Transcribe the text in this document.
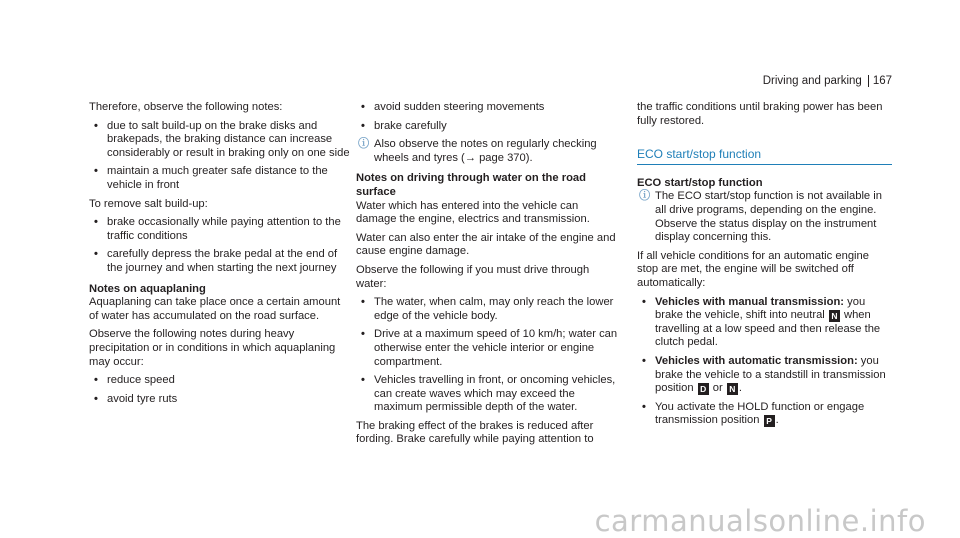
Driving and parking 167

Therefore, observe the following notes:

• due to salt build-up on the brake disks and brakepads, the braking distance can increase considerably or result in braking only on one side
• maintain a much greater safe distance to the vehicle in front

To remove salt build-up:

• brake occasionally while paying attention to the traffic conditions
• carefully depress the brake pedal at the end of the journey and when starting the next journey
Notes on aquaplaning

Aquaplaning can take place once a certain amount of water has accumulated on the road surface.

Observe the following notes during heavy precipitation or in conditions in which aquaplaning may occur:

• reduce speed
• avoid tyre ruts
• avoid sudden steering movements
• brake carefully
ⓘ Also observe the notes on regularly checking wheels and tyres (→ page 370).
Notes on driving through water on the road surface

Water which has entered into the vehicle can damage the engine, electrics and transmission.

Water can also enter the air intake of the engine and cause engine damage.

Observe the following if you must drive through water:

• The water, when calm, may only reach the lower edge of the vehicle body.
• Drive at a maximum speed of 10 km/h; water can otherwise enter the vehicle interior or engine compartment.
• Vehicles travelling in front, or oncoming vehicles, can create waves which may exceed the maximum permissible depth of the water.

The braking effect of the brakes is reduced after fording. Brake carefully while paying attention to

the traffic conditions until braking power has been fully restored.

ECO start/stop function
ECO start/stop function
ⓘ The ECO start/stop function is not available in all drive programs, depending on the engine. Observe the status display on the instrument display concerning this.

If all vehicle conditions for an automatic engine stop are met, the engine will be switched off automatically:

• Vehicles with manual transmission: you brake the vehicle, shift into neutral N when travelling at a low speed and then release the clutch pedal.
• Vehicles with automatic transmission: you brake the vehicle to a standstill in transmission position D or N .
• You activate the HOLD function or engage transmission position P .
carmanualsonline.info
